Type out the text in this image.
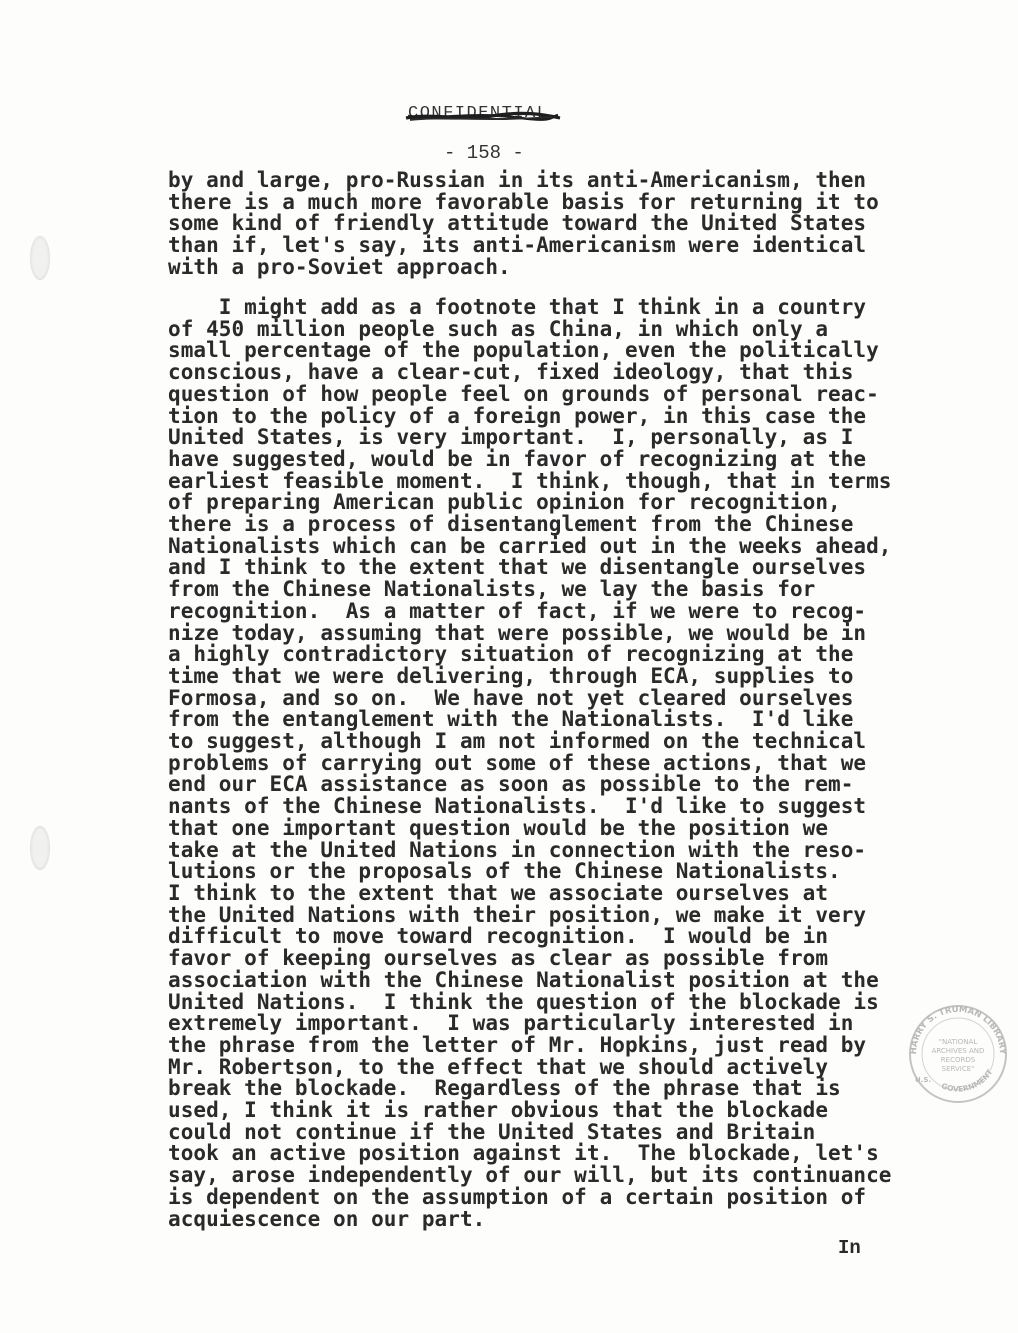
CONFIDENTIAL
- 158 -
by and large, pro-Russian in its anti-Americanism, then
there is a much more favorable basis for returning it to
some kind of friendly attitude toward the United States
than if, let's say, its anti-Americanism were identical
with a pro-Soviet approach.
I might add as a footnote that I think in a country
of 450 million people such as China, in which only a
small percentage of the population, even the politically
conscious, have a clear-cut, fixed ideology, that this
question of how people feel on grounds of personal reac-
tion to the policy of a foreign power, in this case the
United States, is very important.  I, personally, as I
have suggested, would be in favor of recognizing at the
earliest feasible moment.  I think, though, that in terms
of preparing American public opinion for recognition,
there is a process of disentanglement from the Chinese
Nationalists which can be carried out in the weeks ahead,
and I think to the extent that we disentangle ourselves
from the Chinese Nationalists, we lay the basis for
recognition.  As a matter of fact, if we were to recog-
nize today, assuming that were possible, we would be in
a highly contradictory situation of recognizing at the
time that we were delivering, through ECA, supplies to
Formosa, and so on.  We have not yet cleared ourselves
from the entanglement with the Nationalists.  I'd like
to suggest, although I am not informed on the technical
problems of carrying out some of these actions, that we
end our ECA assistance as soon as possible to the rem-
nants of the Chinese Nationalists.  I'd like to suggest
that one important question would be the position we
take at the United Nations in connection with the reso-
lutions or the proposals of the Chinese Nationalists.
I think to the extent that we associate ourselves at
the United Nations with their position, we make it very
difficult to move toward recognition.  I would be in
favor of keeping ourselves as clear as possible from
association with the Chinese Nationalist position at the
United Nations.  I think the question of the blockade is
extremely important.  I was particularly interested in
the phrase from the letter of Mr. Hopkins, just read by
Mr. Robertson, to the effect that we should actively
break the blockade.  Regardless of the phrase that is
used, I think it is rather obvious that the blockade
could not continue if the United States and Britain
took an active position against it.  The blockade, let's
say, arose independently of our will, but its continuance
is dependent on the assumption of a certain position of
acquiescence on our part.
In
HARRY S. TRUMAN LIBRARY
"NATIONAL
ARCHIVES AND
RECORDS
SERVICE"
U.S.
GOVERNMENT
